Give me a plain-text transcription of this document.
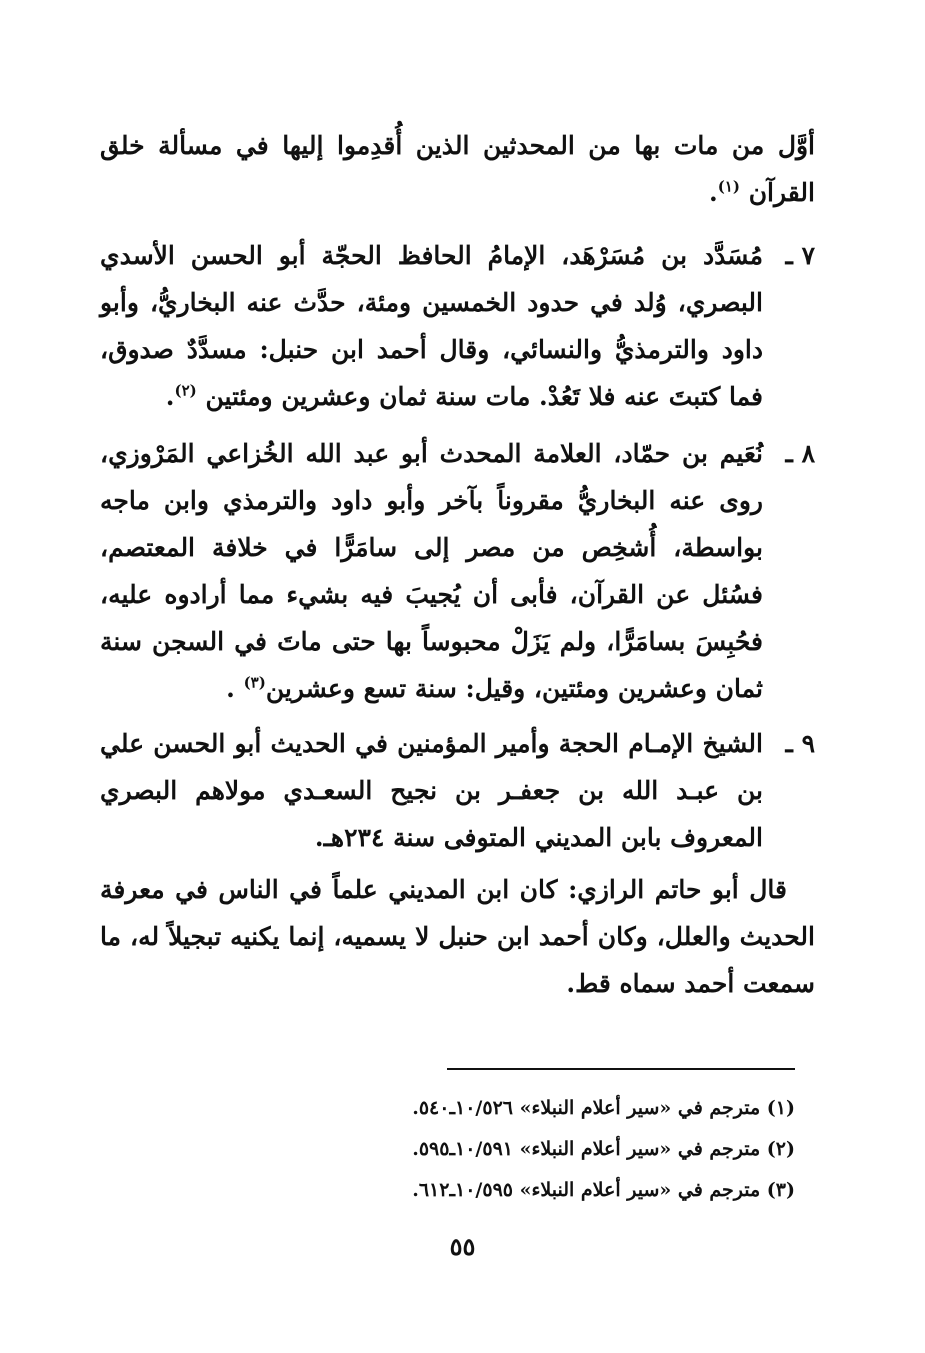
أوَّل من مات بها من المحدثين الذين أُقدِموا إليها في مسألة خلق القرآن $^{(١)}$.

٧ ـمُسَدَّد بن مُسَرْهَد، الإمامُ الحافظ الحجّة أبو الحسن الأسدي البصري، وُلد في حدود الخمسين ومئة، حدَّث عنه البخاريُّ، وأبو داود والترمذيُّ والنسائي، وقال أحمد ابن حنبل: مسدَّدٌ صدوق، فما كتبتَ عنه فلا تَعُدْ. مات سنة ثمان وعشرين ومئتين $^{(٢)}$.

٨ ـنُعَيم بن حمّاد، العلامة المحدث أبو عبد الله الخُزاعي المَرْوزي، روى عنه البخاريُّ مقروناً بآخر وأبو داود والترمذي وابن ماجه بواسطة، أُشخِص من مصر إلى سامَرًّا في خلافة المعتصم، فسُئل عن القرآن، فأبى أن يُجيبَ فيه بشيء مما أرادوه عليه، فحُبِسَ بسامَرًّا، ولم يَزَلْ محبوساً بها حتى ماتَ في السجن سنة ثمان وعشرين ومئتين، وقيل: سنة تسع وعشرين$^{(٣)}$ .

٩ ـالشيخ الإمـام الحجة وأمير المؤمنين في الحديث أبو الحسن علي بن عبـد الله بن جعفـر بن نجيح السعـدي مولاهم البصري المعروف بابن المديني المتوفى سنة ٢٣٤هـ.

قال أبو حاتم الرازي: كان ابن المديني علماً في الناس في معرفة الحديث والعلل، وكان أحمد ابن حنبل لا يسميه، إنما يكنيه تبجيلاً له، ما سمعت أحمد سماه قط.

(١) مترجم في «سير أعلام النبلاء» ١٠/٥٢٦ـ٥٤٠.

(٢) مترجم في «سير أعلام النبلاء» ١٠/٥٩١ـ٥٩٥.

(٣) مترجم في «سير أعلام النبلاء» ١٠/٥٩٥ـ٦١٢.

٥٥
